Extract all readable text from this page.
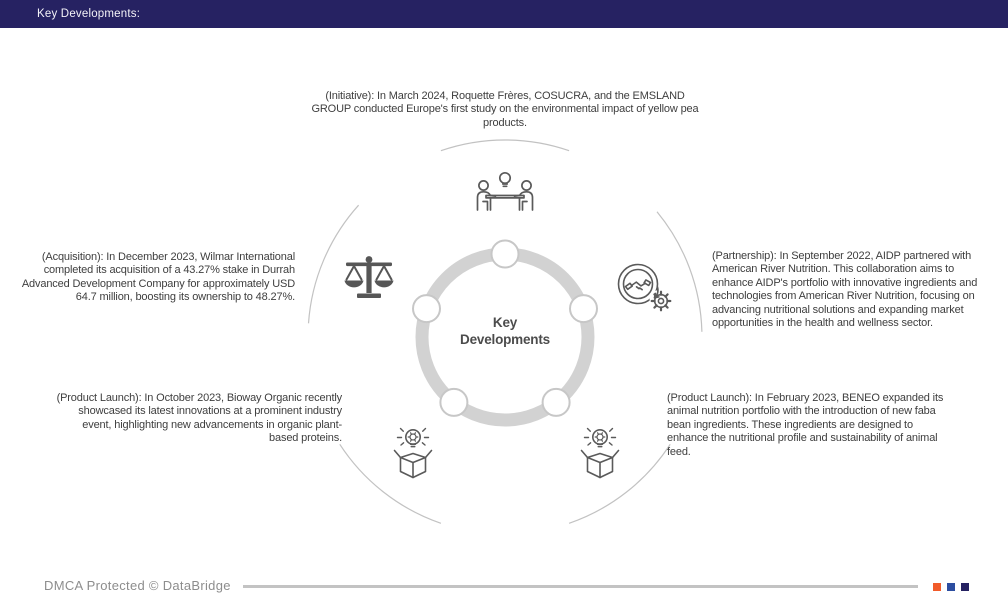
Key Developments:
Key Developments
(Initiative): In March 2024, Roquette Frères, COSUCRA, and the EMSLAND GROUP conducted Europe's first study on the environmental impact of yellow pea products.
(Acquisition): In December 2023, Wilmar International completed its acquisition of a 43.27% stake in Durrah Advanced Development Company for approximately USD 64.7 million, boosting its ownership to 48.27%.
(Partnership): In September 2022, AIDP partnered with American River Nutrition. This collaboration aims to enhance AIDP's portfolio with innovative ingredients and technologies from American River Nutrition, focusing on advancing nutritional solutions and expanding market opportunities in the health and wellness sector.
(Product Launch): In October 2023, Bioway Organic recently showcased its latest innovations at a prominent industry event, highlighting new advancements in organic plant-based proteins.
(Product Launch): In February 2023, BENEO expanded its animal nutrition portfolio with the introduction of new faba bean ingredients. These ingredients are designed to enhance the nutritional profile and sustainability of animal feed.
DMCA Protected © DataBridge
